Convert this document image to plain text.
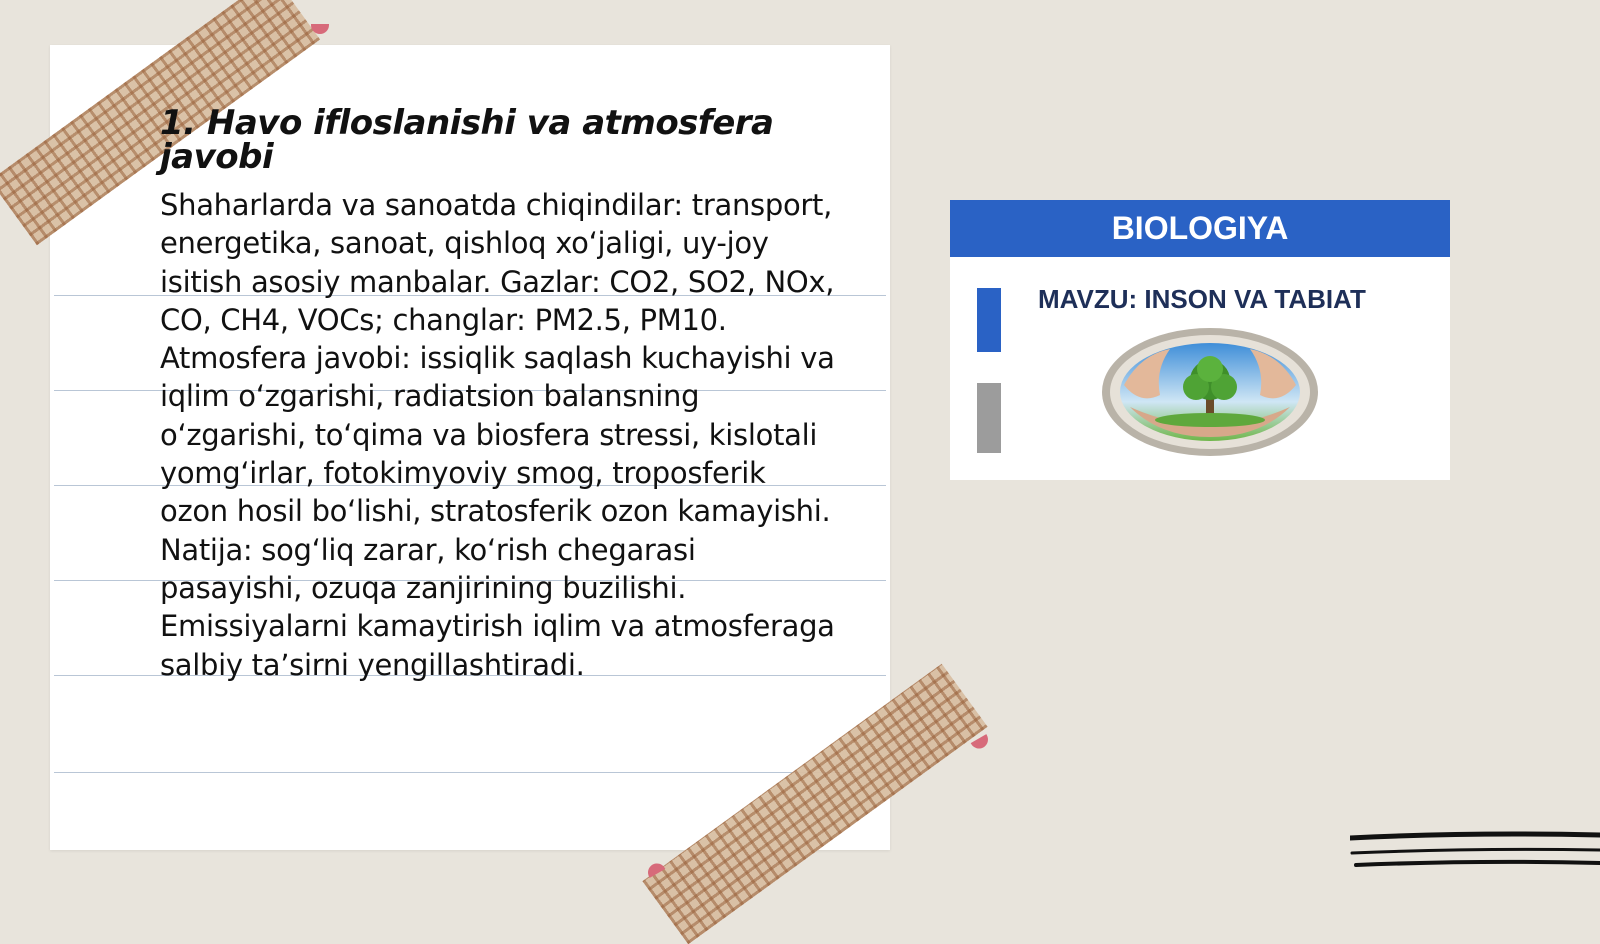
1. Havo ifloslanishi va atmosfera javobi

Shaharlarda va sanoatda chiqindilar: transport, energetika, sanoat, qishloq xo‘jaligi, uy-joy isitish asosiy manbalar. Gazlar: CO2, SO2, NOx, CO, CH4, VOCs; changlar: PM2.5, PM10. Atmosfera javobi: issiqlik saqlash kuchayishi va iqlim o‘zgarishi, radiatsion balansning o‘zgarishi, to‘qima va biosfera stressi, kislotali yomg‘irlar, fotokimyoviy smog, troposferik ozon hosil bo‘lishi, stratosferik ozon kamayishi. Natija: sog‘liq zarar, ko‘rish chegarasi pasayishi, ozuqa zanjirining buzilishi. Emissiyalarni kamaytirish iqlim va atmosferaga salbiy ta’sirni yengillashtiradi.

BIOLOGIYA
MAVZU: INSON VA TABIAT
